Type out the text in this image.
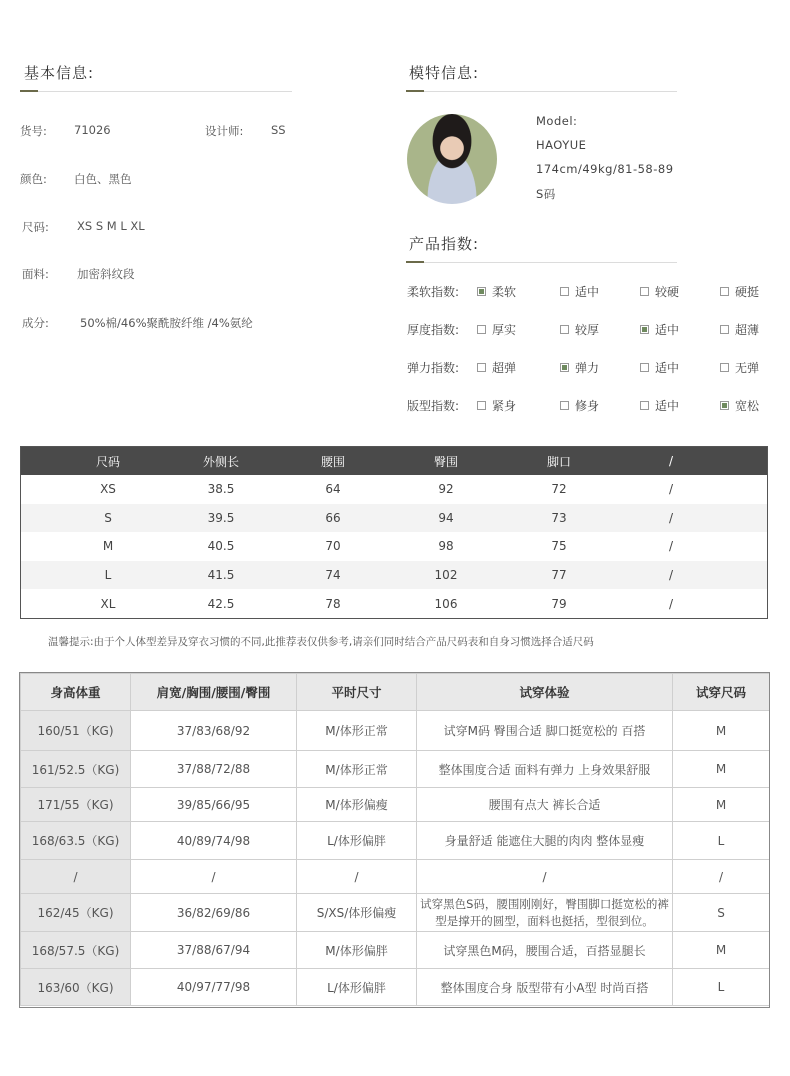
基本信息:
货号: 71026	设计师: SS
颜色: 白色、黑色
尺码: XS S M L XL
面料: 加密斜纹段
成分:	50%棉/46%聚酰胺纤维 /4%氨纶
模特信息:
Model:
HAOYUE
174cm/49kg/81-58-89
S码
产品指数:
柔软指数:	柔软	适中	较硬	硬挺
厚度指数:	厚实	较厚	适中	超薄
弹力指数:	超弹	弹力	适中	无弹
版型指数:	紧身	修身	适中	宽松
尺码	外侧长	腰围	臀围	脚口	/
XS	38.5	64	92	72	/
S	39.5	66	94	73	/
M	40.5	70	98	75	/
L	41.5	74	102	77	/
XL	42.5	78	106	79	/
温馨提示:由于个人体型差异及穿衣习惯的不同,此推荐表仅供参考,请亲们同时结合产品尺码表和自身习惯选择合适尺码
身高体重	肩宽/胸围/腰围/臀围	平时尺寸	试穿体验	试穿尺码
160/51（KG)	37/83/68/92	M/体形正常	试穿M码 臀围合适 脚口挺宽松的 百搭	M
161/52.5（KG)	37/88/72/88	M/体形正常	整体围度合适 面料有弹力 上身效果舒服	M
171/55（KG)	39/85/66/95	M/体形偏瘦	腰围有点大 裤长合适	M
168/63.5（KG)	40/89/74/98	L/体形偏胖	身量舒适 能遮住大腿的肉肉 整体显瘦	L
/	/	/	/	/
162/45（KG)	36/82/69/86	S/XS/体形偏瘦	试穿黑色S码，腰围刚刚好，臀围脚口挺宽松的裤型是撑开的圆型，面料也挺括，型很到位。	S
168/57.5（KG)	37/88/67/94	M/体形偏胖	试穿黑色M码，腰围合适，百搭显腿长	M
163/60（KG)	40/97/77/98	L/体形偏胖	整体围度合身 版型带有小A型 时尚百搭	L
